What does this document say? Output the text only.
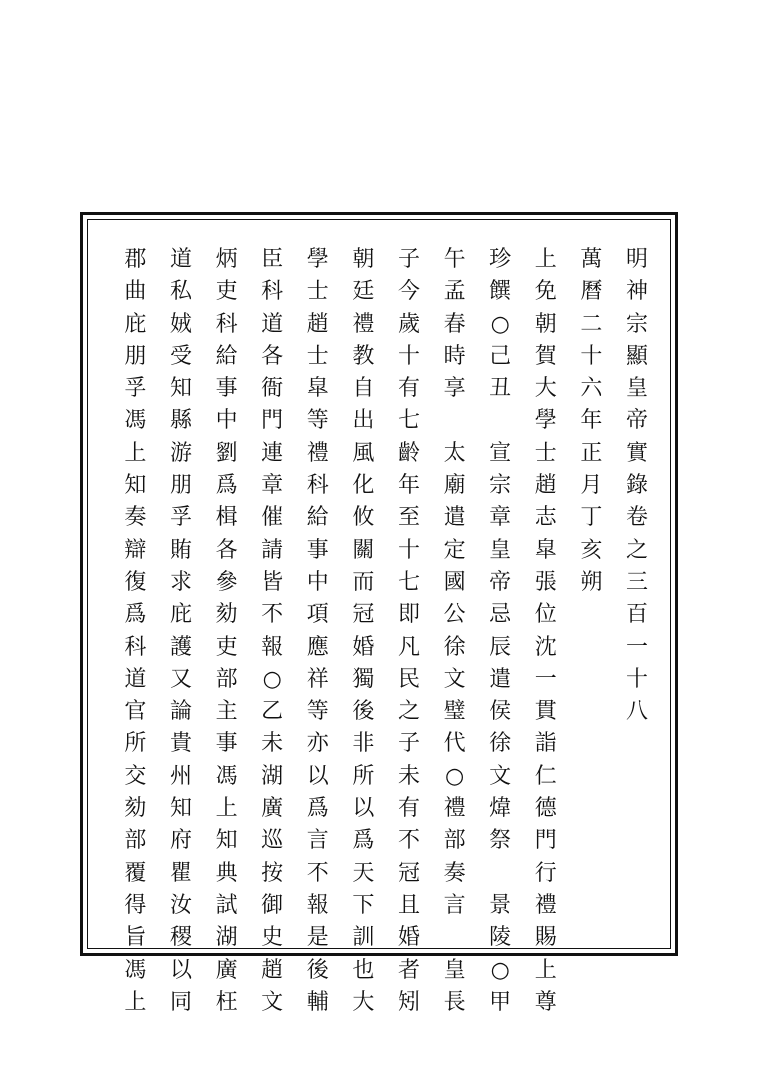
明
神
宗
顯
皇
帝
實
錄
卷
之
三
百
一
十
八
萬
曆
二
十
六
年
正
月
丁
亥
朔
上
免
朝
賀
大
學
士
趙
志
皐
張
位
沈
一
貫
詣
仁
德
門
行
禮
賜
上
尊
珍
饌
○
己
丑

宣
宗
章
皇
帝
忌
辰
遣
侯
徐
文
煒
祭

景
陵
○
甲
午
孟
春
時
享

太
廟
遣
定
國
公
徐
文
璧
代
○
禮
部
奏
言

皇
長
子
今
歲
十
有
七
齡
年
至
十
七
即
凡
民
之
子
未
有
不
冠
且
婚
者
矧
朝
廷
禮
教
自
出
風
化
攸
關
而
冠
婚
獨
後
非
所
以
爲
天
下
訓
也
大
學
士
趙
士
皐
等
禮
科
給
事
中
項
應
祥
等
亦
以
爲
言
不
報
是
後
輔
臣
科
道
各
衙
門
連
章
催
請
皆
不
報
○
乙
未
湖
廣
巡
按
御
史
趙
文
炳
吏
科
給
事
中
劉
爲
楫
各
參
劾
吏
部
主
事
馮
上
知
典
試
湖
廣
枉
道
私
娀
受
知
縣
游
朋
孚
賄
求
庇
護
又
論
貴
州
知
府
瞿
汝
稷
以
同
郡
曲
庇
朋
孚
馮
上
知
奏
辯
復
爲
科
道
官
所
交
劾
部
覆
得
旨
馮
上
